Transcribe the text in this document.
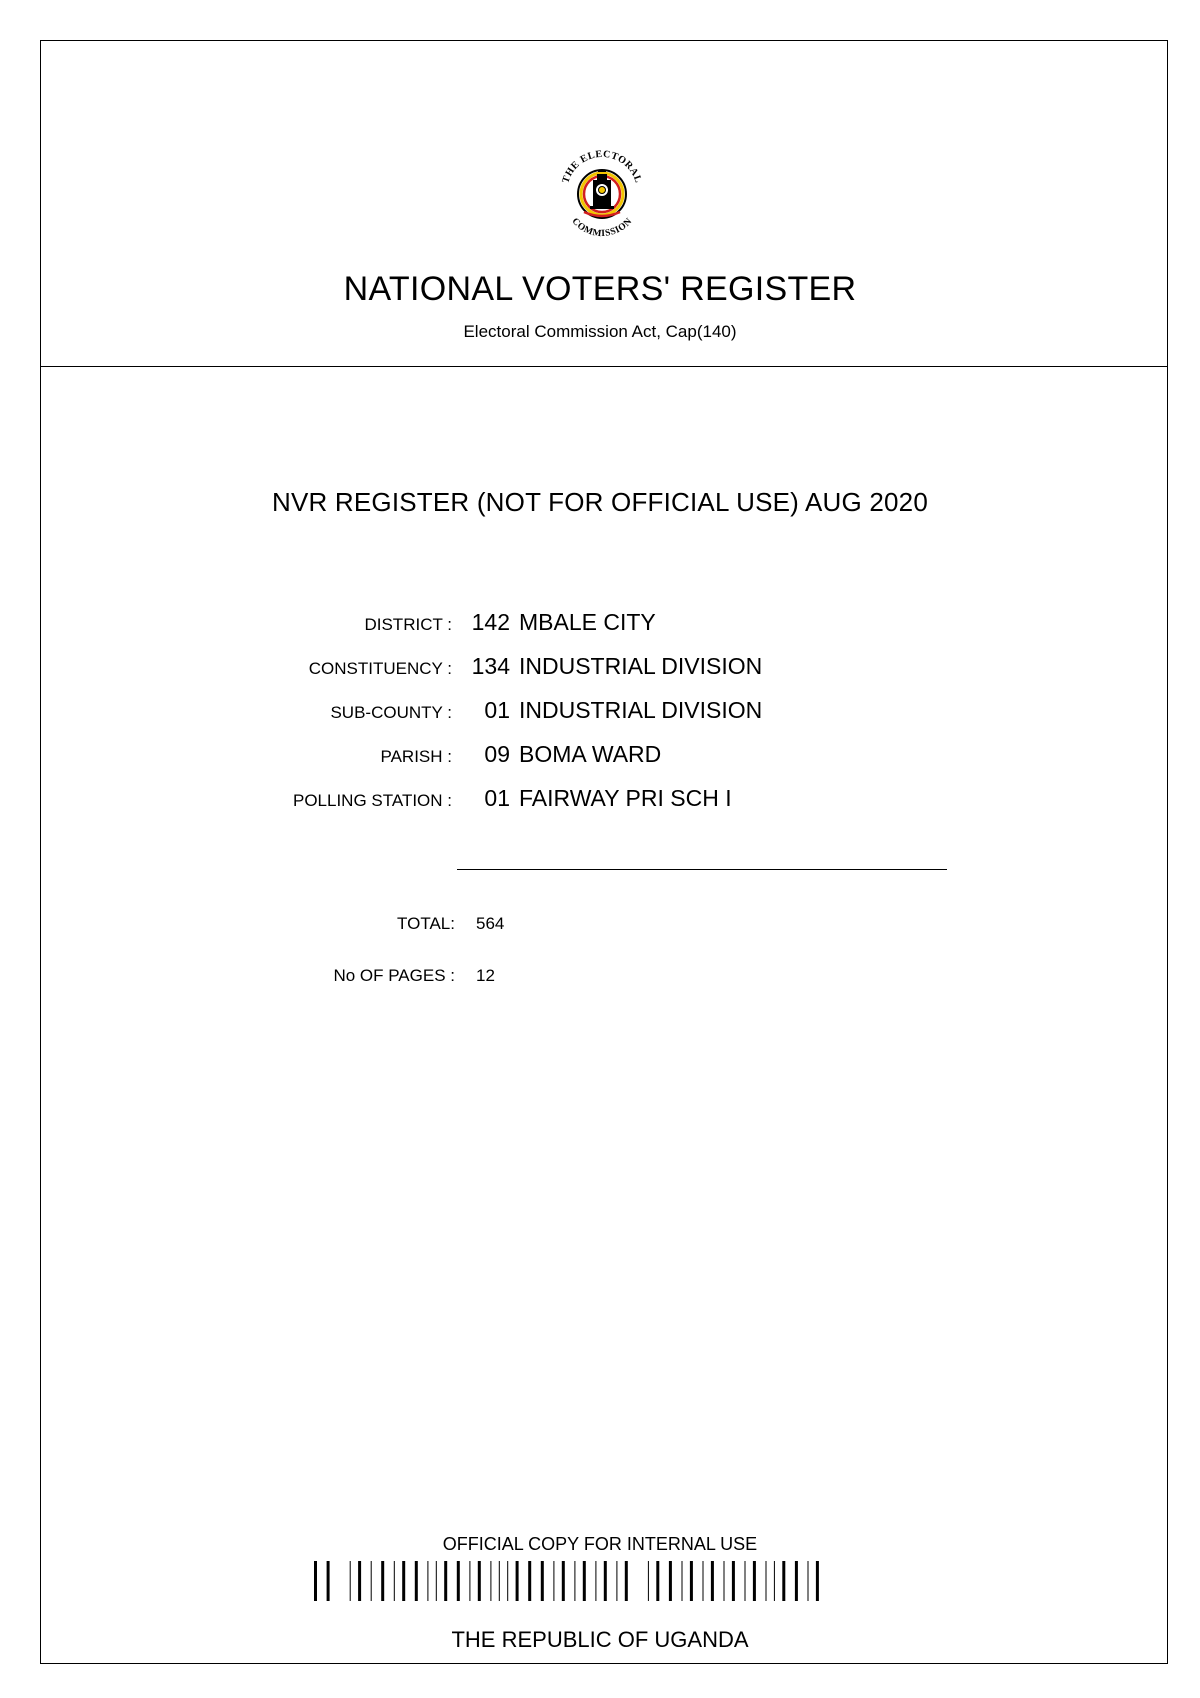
THE ELECTORAL
COMMISSION
NATIONAL VOTERS' REGISTER
Electoral Commission Act, Cap(140)
NVR REGISTER (NOT FOR OFFICIAL USE) AUG 2020
DISTRICT : 142 MBALE CITY
CONSTITUENCY : 134 INDUSTRIAL DIVISION
SUB-COUNTY :	01 INDUSTRIAL DIVISION
PARISH :	09 BOMA WARD
POLLING STATION :	01 FAIRWAY PRI SCH I
TOTAL: 564
No OF PAGES : 12
OFFICIAL COPY FOR INTERNAL USE
THE REPUBLIC OF UGANDA
